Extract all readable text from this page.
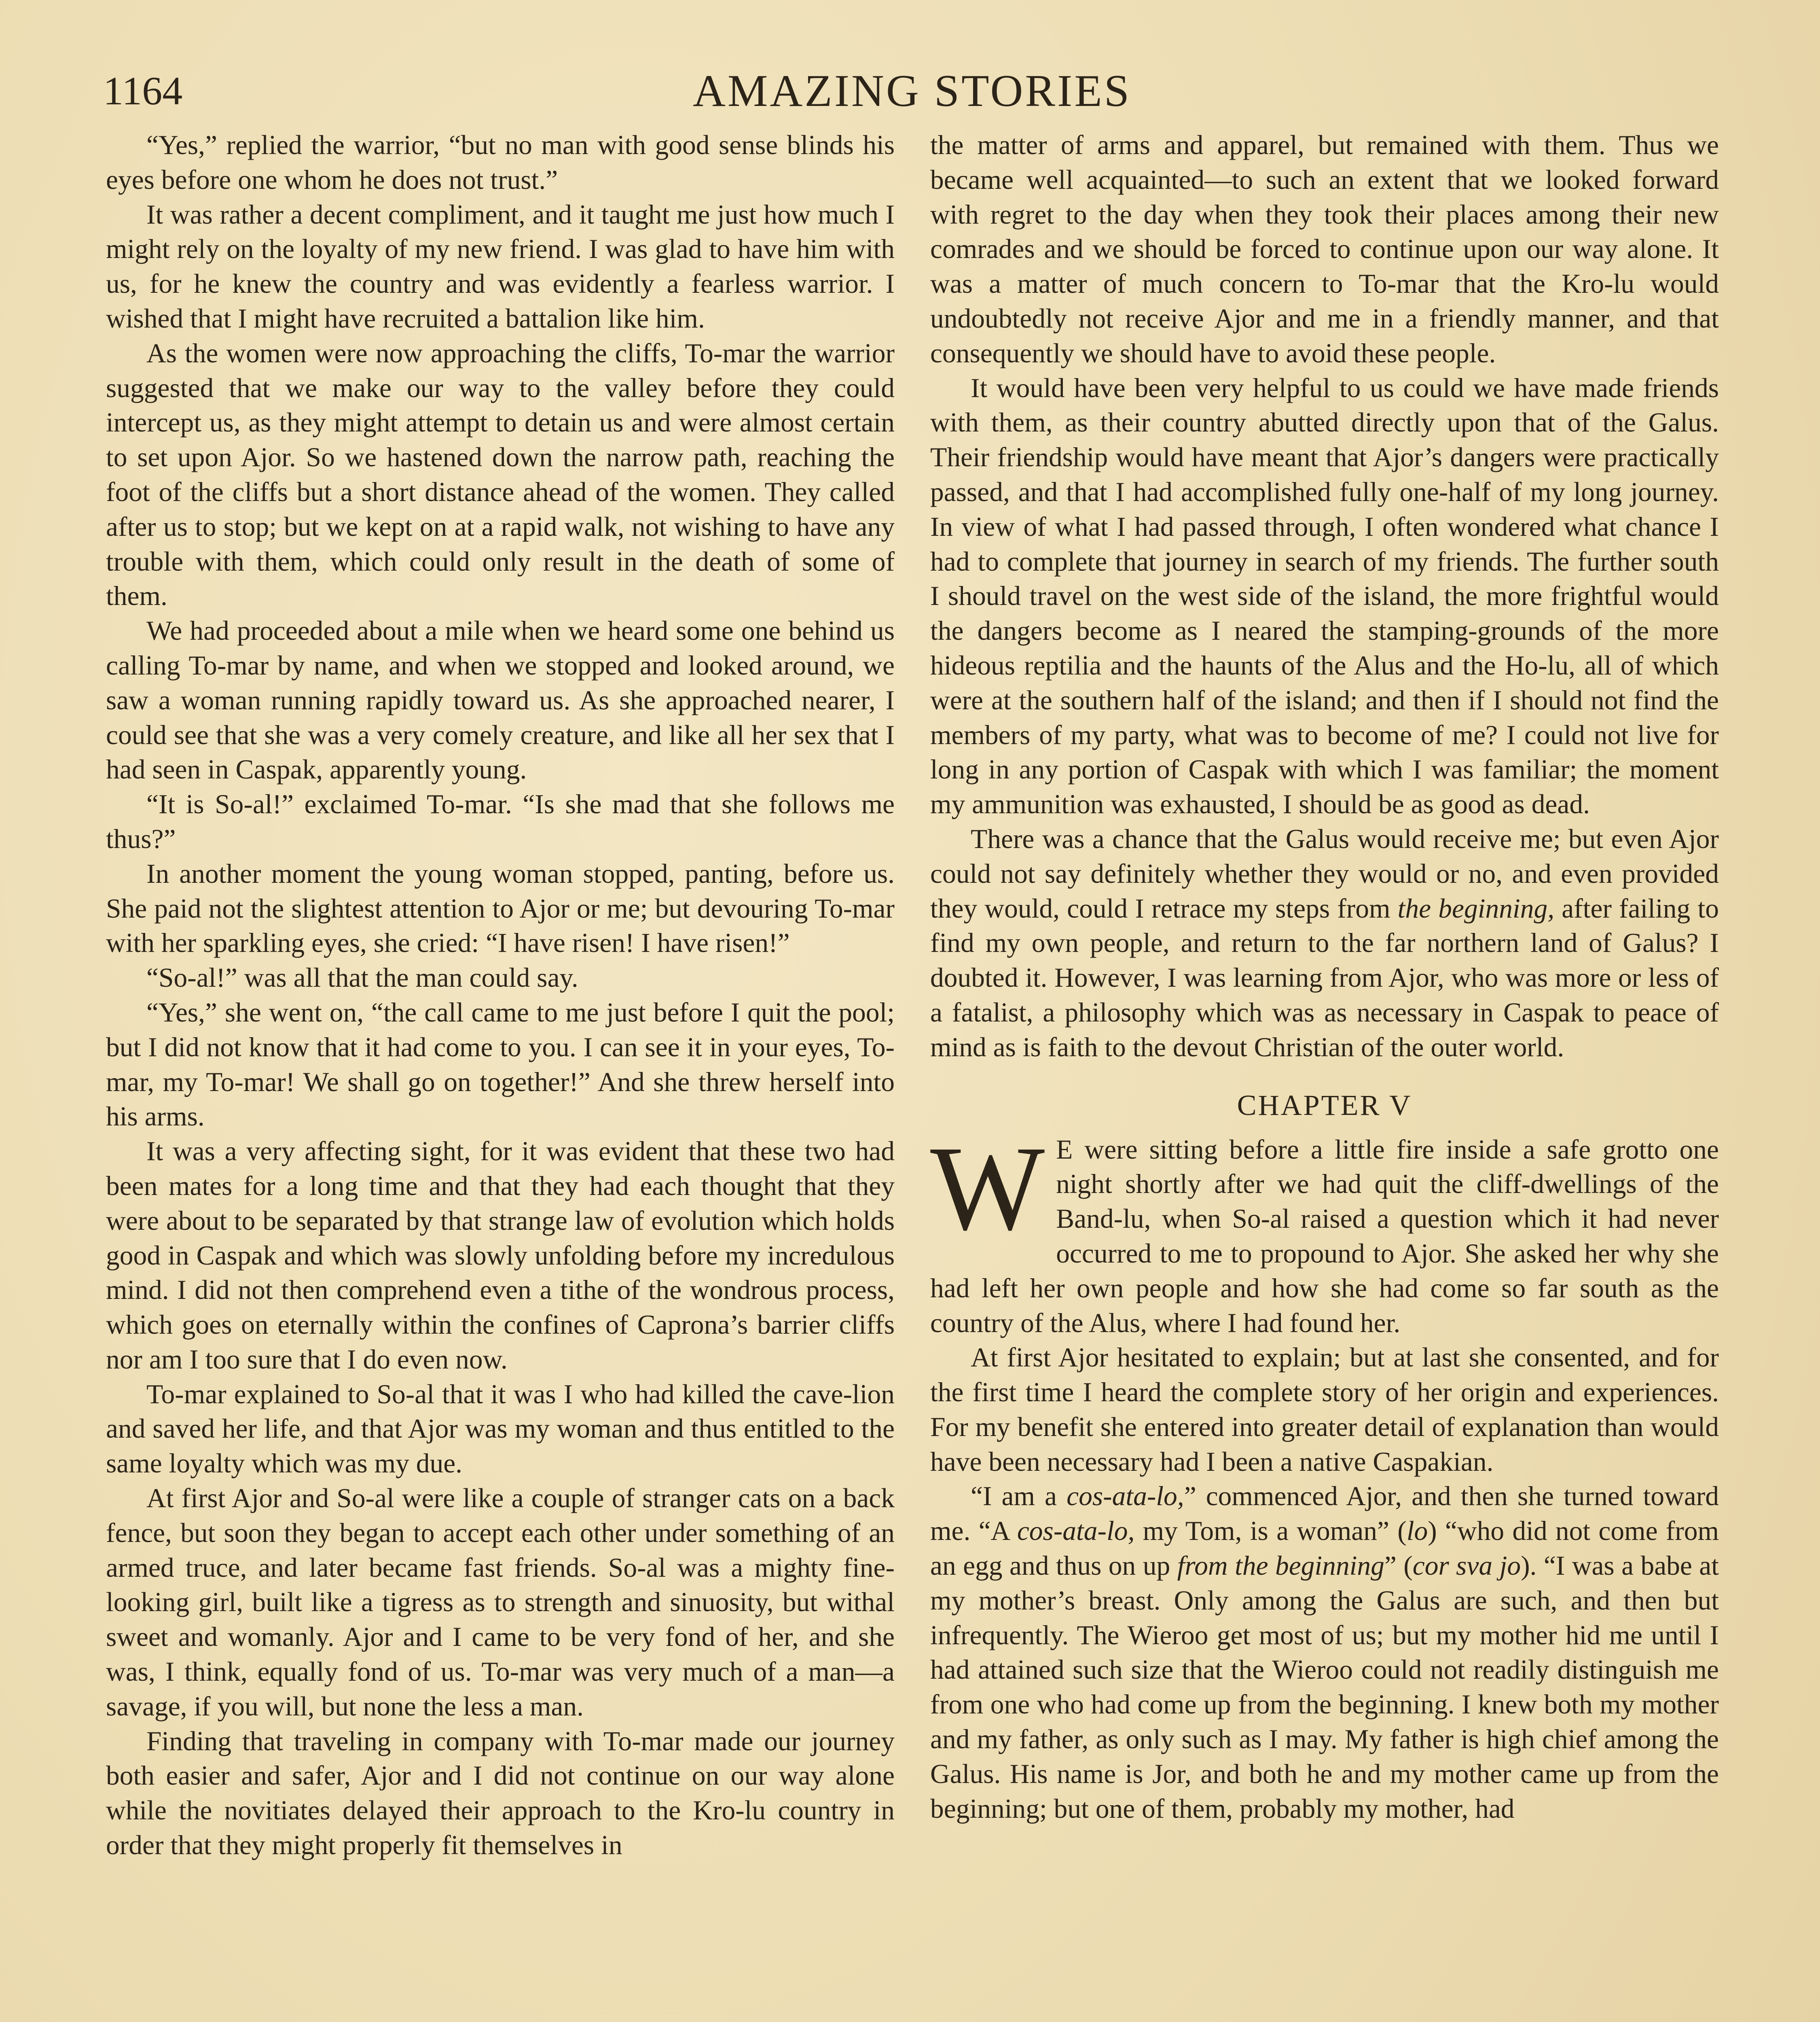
1164	AMAZING STORIES

“Yes,” replied the warrior, “but no man with good sense blinds his eyes before one whom he does not trust.”

It was rather a decent compliment, and it taught me just how much I might rely on the loyalty of my new friend. I was glad to have him with us, for he knew the country and was evidently a fearless warrior. I wished that I might have recruited a battalion like him.

As the women were now approaching the cliffs, To-mar the warrior suggested that we make our way to the valley before they could intercept us, as they might attempt to detain us and were almost certain to set upon Ajor. So we hastened down the narrow path, reaching the foot of the cliffs but a short distance ahead of the women. They called after us to stop; but we kept on at a rapid walk, not wishing to have any trouble with them, which could only result in the death of some of them.

We had proceeded about a mile when we heard some one behind us calling To-mar by name, and when we stopped and looked around, we saw a woman running rapidly toward us. As she approached nearer, I could see that she was a very comely creature, and like all her sex that I had seen in Caspak, apparently young.

“It is So-al!” exclaimed To-mar. “Is she mad that she follows me thus?”

In another moment the young woman stopped, panting, before us. She paid not the slightest attention to Ajor or me; but devouring To-mar with her sparkling eyes, she cried: “I have risen! I have risen!”

“So-al!” was all that the man could say.

“Yes,” she went on, “the call came to me just before I quit the pool; but I did not know that it had come to you. I can see it in your eyes, To-mar, my To-mar! We shall go on together!” And she threw herself into his arms.

It was a very affecting sight, for it was evident that these two had been mates for a long time and that they had each thought that they were about to be separated by that strange law of evolution which holds good in Caspak and which was slowly unfolding before my incredulous mind. I did not then comprehend even a tithe of the wondrous process, which goes on eternally within the confines of Caprona’s barrier cliffs nor am I too sure that I do even now.

To-mar explained to So-al that it was I who had killed the cave-lion and saved her life, and that Ajor was my woman and thus entitled to the same loyalty which was my due.

At first Ajor and So-al were like a couple of stranger cats on a back fence, but soon they began to accept each other under something of an armed truce, and later became fast friends. So-al was a mighty fine-looking girl, built like a tigress as to strength and sinuosity, but withal sweet and womanly. Ajor and I came to be very fond of her, and she was, I think, equally fond of us. To-mar was very much of a man—a savage, if you will, but none the less a man.

Finding that traveling in company with To-mar made our journey both easier and safer, Ajor and I did not continue on our way alone while the novitiates delayed their approach to the Kro-lu country in order that they might properly fit themselves in

the matter of arms and apparel, but remained with them. Thus we became well acquainted—to such an extent that we looked forward with regret to the day when they took their places among their new comrades and we should be forced to continue upon our way alone. It was a matter of much concern to To-mar that the Kro-lu would undoubtedly not receive Ajor and me in a friendly manner, and that consequently we should have to avoid these people.

It would have been very helpful to us could we have made friends with them, as their country abutted directly upon that of the Galus. Their friendship would have meant that Ajor’s dangers were practically passed, and that I had accomplished fully one-half of my long journey. In view of what I had passed through, I often wondered what chance I had to complete that journey in search of my friends. The further south I should travel on the west side of the island, the more frightful would the dangers become as I neared the stamping-grounds of the more hideous reptilia and the haunts of the Alus and the Ho-lu, all of which were at the southern half of the island; and then if I should not find the members of my party, what was to become of me? I could not live for long in any portion of Caspak with which I was familiar; the moment my ammunition was exhausted, I should be as good as dead.

There was a chance that the Galus would receive me; but even Ajor could not say definitely whether they would or no, and even provided they would, could I retrace my steps from the beginning, after failing to find my own people, and return to the far northern land of Galus? I doubted it. However, I was learning from Ajor, who was more or less of a fatalist, a philosophy which was as necessary in Caspak to peace of mind as is faith to the devout Christian of the outer world.

CHAPTER V

W E were sitting before a little fire inside a safe grotto one night shortly after we had quit the cliff-dwellings of the Band-lu, when So-al raised a question which it had never occurred to me to propound to Ajor. She asked her why she had left her own people and how she had come so far south as the country of the Alus, where I had found her.

At first Ajor hesitated to explain; but at last she consented, and for the first time I heard the complete story of her origin and experiences. For my benefit she entered into greater detail of explanation than would have been necessary had I been a native Caspakian.

“I am a cos-ata-lo,” commenced Ajor, and then she turned toward me. “A cos-ata-lo, my Tom, is a woman” (lo) “who did not come from an egg and thus on up from the beginning” (cor sva jo). “I was a babe at my mother’s breast. Only among the Galus are such, and then but infrequently. The Wieroo get most of us; but my mother hid me until I had attained such size that the Wieroo could not readily distinguish me from one who had come up from the beginning. I knew both my mother and my father, as only such as I may. My father is high chief among the Galus. His name is Jor, and both he and my mother came up from the beginning; but one of them, probably my mother, had
